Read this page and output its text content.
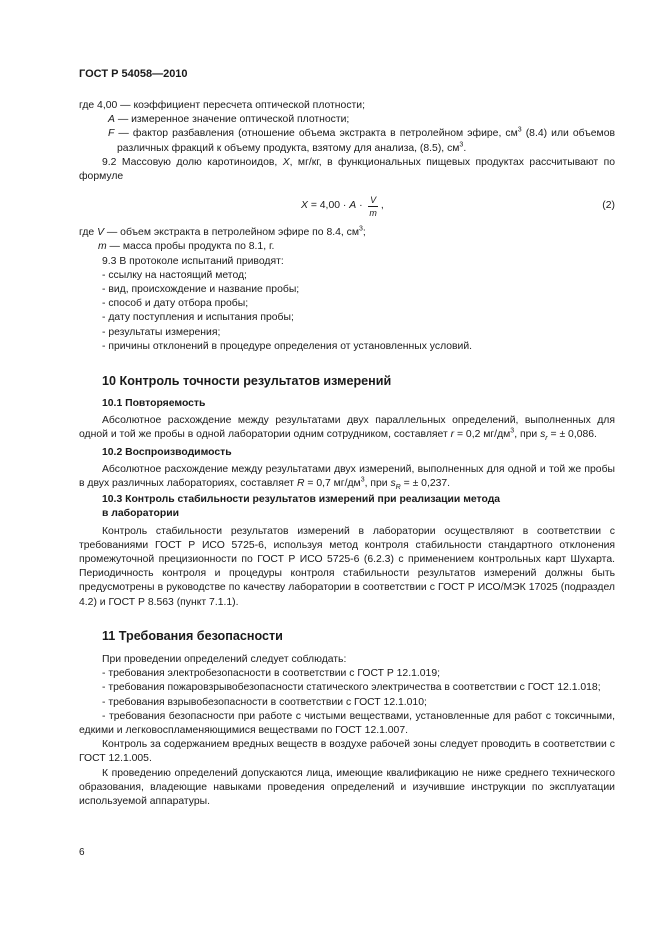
ГОСТ Р 54058—2010

где 4,00 — коэффициент пересчета оптической плотности;

A — измеренное значение оптической плотности;

F — фактор разбавления (отношение объема экстракта в петролейном эфире, $см^3$ (8.4) или объемов различных фракций к объему продукта, взятому для анализа, (8.5), $см^3$.

9.2 Массовую долю каротиноидов, X, мг/кг, в функциональных пищевых продуктах рассчитывают по формуле

$X = 4,00 \cdot A \cdot \frac{V}{m}$ ,	(2)

где V — объем экстракта в петролейном эфире по 8.4, $см^3$;

m — масса пробы продукта по 8.1, г.

9.3 В протоколе испытаний приводят:

- ссылку на настоящий метод;

- вид, происхождение и название пробы;

- способ и дату отбора пробы;

- дату поступления и испытания пробы;

- результаты измерения;

- причины отклонений в процедуре определения от установленных условий.

10 Контроль точности результатов измерений
10.1 Повторяемость

Абсолютное расхождение между результатами двух параллельных определений, выполненных для одной и той же пробы в одной лаборатории одним сотрудником, составляет r = 0,2 $мг/дм^3$, при $s_r$ = ± 0,086.

10.2 Воспроизводимость

Абсолютное расхождение между результатами двух измерений, выполненных для одной и той же пробы в двух различных лабораториях, составляет R = 0,7 $мг/дм^3$, при $s_R$ = ± 0,237.

10.3 Контроль стабильности результатов измерений при реализации метода
в лаборатории

Контроль стабильности результатов измерений в лаборатории осуществляют в соответствии с требованиями ГОСТ Р ИСО 5725-6, используя метод контроля стабильности стандартного отклонения промежуточной прецизионности по ГОСТ Р ИСО 5725-6 (6.2.3) с применением контрольных карт Шухарта. Периодичность контроля и процедуры контроля стабильности результатов измерений должны быть предусмотрены в руководстве по качеству лаборатории в соответствии с ГОСТ Р ИСО/МЭК 17025 (подраздел 4.2) и ГОСТ Р 8.563 (пункт 7.1.1).

11 Требования безопасности

При проведении определений следует соблюдать:

- требования электробезопасности в соответствии с ГОСТ Р 12.1.019;

- требования пожаровзрывобезопасности статического электричества в соответствии с ГОСТ 12.1.018;

- требования взрывобезопасности в соответствии с ГОСТ 12.1.010;

- требования безопасности при работе с чистыми веществами, установленные для работ с токсичными, едкими и легковоспламеняющимися веществами по ГОСТ 12.1.007.

Контроль за содержанием вредных веществ в воздухе рабочей зоны следует проводить в соответствии с ГОСТ 12.1.005.

К проведению определений допускаются лица, имеющие квалификацию не ниже среднего технического образования, владеющие навыками проведения определений и изучившие инструкции по эксплуатации используемой аппаратуры.

6
